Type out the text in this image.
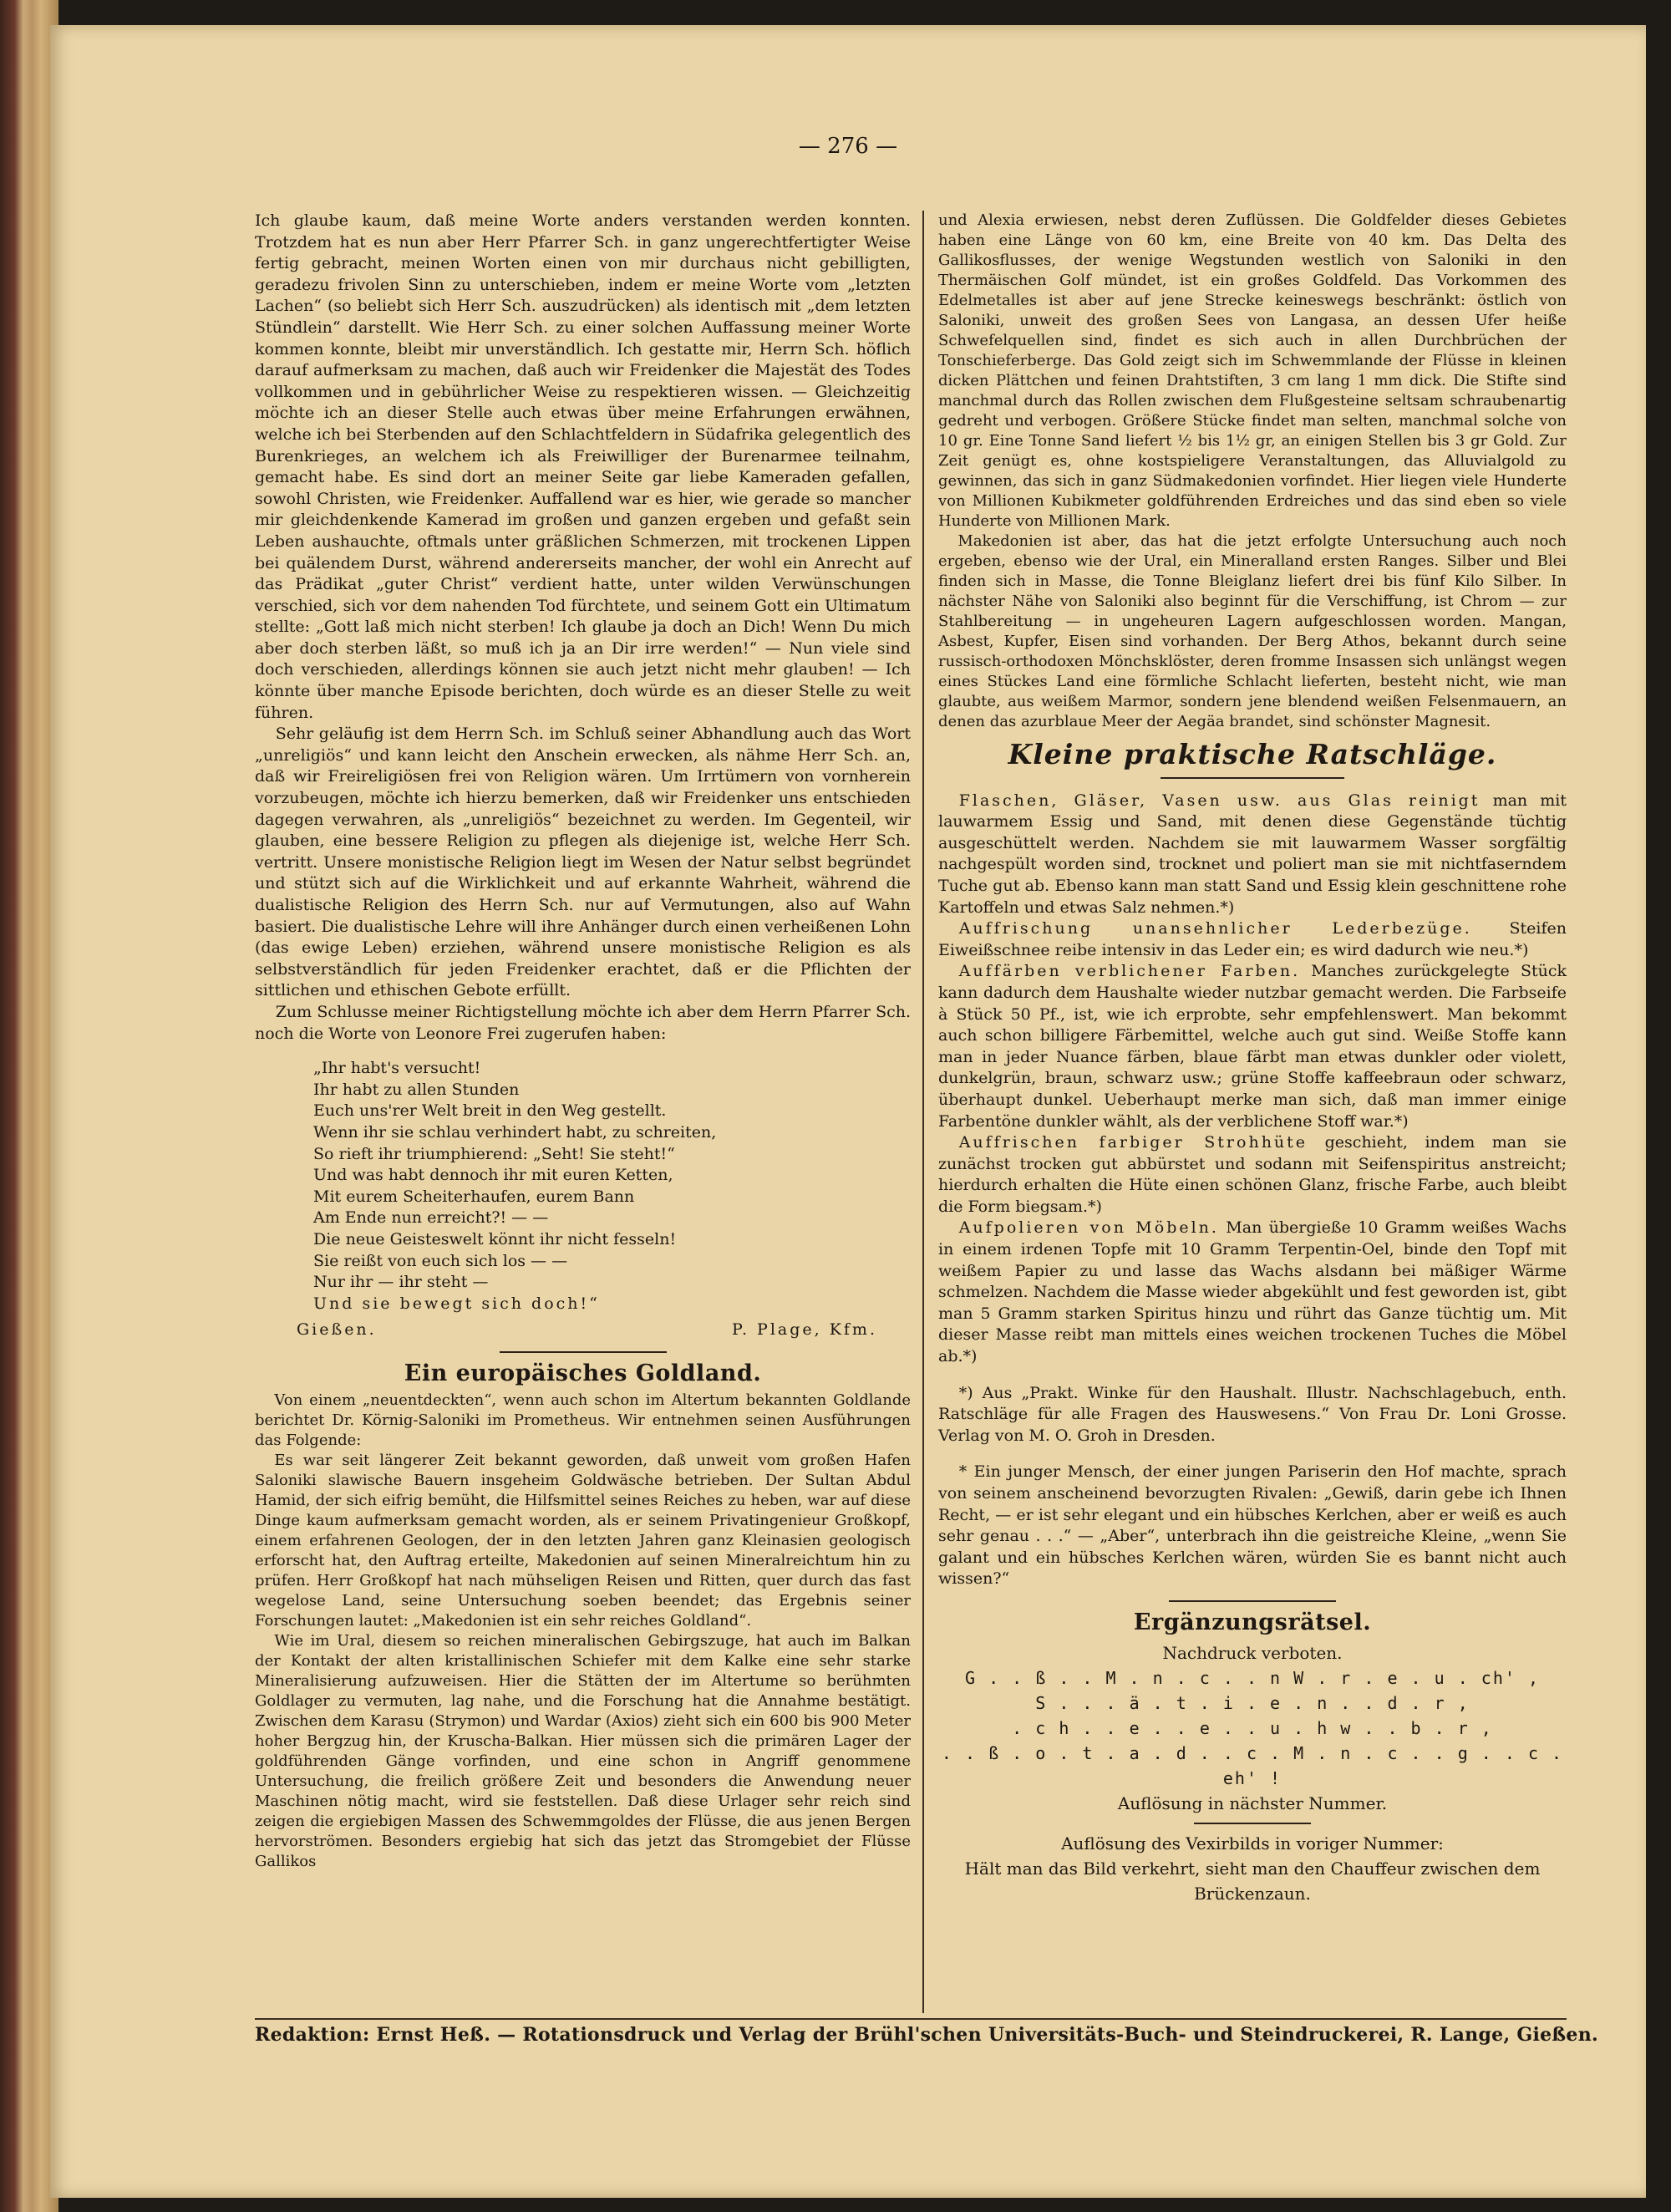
— 276 —

Ich glaube kaum, daß meine Worte anders verstanden werden konnten. Trotzdem hat es nun aber Herr Pfarrer Sch. in ganz ungerechtfertigter Weise fertig gebracht, meinen Worten einen von mir durchaus nicht gebilligten, geradezu frivolen Sinn zu unterschieben, indem er meine Worte vom „letzten Lachen“ (so beliebt sich Herr Sch. auszudrücken) als identisch mit „dem letzten Stündlein“ darstellt. Wie Herr Sch. zu einer solchen Auffassung meiner Worte kommen konnte, bleibt mir unverständlich. Ich gestatte mir, Herrn Sch. höflich darauf aufmerksam zu machen, daß auch wir Freidenker die Majestät des Todes vollkommen und in gebührlicher Weise zu respektieren wissen. — Gleichzeitig möchte ich an dieser Stelle auch etwas über meine Erfahrungen erwähnen, welche ich bei Sterbenden auf den Schlachtfeldern in Südafrika gelegentlich des Burenkrieges, an welchem ich als Freiwilliger der Burenarmee teilnahm, gemacht habe. Es sind dort an meiner Seite gar liebe Kameraden gefallen, sowohl Christen, wie Freidenker. Auffallend war es hier, wie gerade so mancher mir gleichdenkende Kamerad im großen und ganzen ergeben und gefaßt sein Leben aushauchte, oftmals unter gräßlichen Schmerzen, mit trockenen Lippen bei quälendem Durst, während andererseits mancher, der wohl ein Anrecht auf das Prädikat „guter Christ“ verdient hatte, unter wilden Verwünschungen verschied, sich vor dem nahenden Tod fürchtete, und seinem Gott ein Ultimatum stellte: „Gott laß mich nicht sterben! Ich glaube ja doch an Dich! Wenn Du mich aber doch sterben läßt, so muß ich ja an Dir irre werden!“ — Nun viele sind doch verschieden, allerdings können sie auch jetzt nicht mehr glauben! — Ich könnte über manche Episode berichten, doch würde es an dieser Stelle zu weit führen.

Sehr geläufig ist dem Herrn Sch. im Schluß seiner Abhandlung auch das Wort „unreligiös“ und kann leicht den Anschein erwecken, als nähme Herr Sch. an, daß wir Freireligiösen frei von Religion wären. Um Irrtümern von vornherein vorzubeugen, möchte ich hierzu bemerken, daß wir Freidenker uns entschieden dagegen verwahren, als „unreligiös“ bezeichnet zu werden. Im Gegenteil, wir glauben, eine bessere Religion zu pflegen als diejenige ist, welche Herr Sch. vertritt. Unsere monistische Religion liegt im Wesen der Natur selbst begründet und stützt sich auf die Wirklichkeit und auf erkannte Wahrheit, während die dualistische Religion des Herrn Sch. nur auf Vermutungen, also auf Wahn basiert. Die dualistische Lehre will ihre Anhänger durch einen verheißenen Lohn (das ewige Leben) erziehen, während unsere monistische Religion es als selbstverständlich für jeden Freidenker erachtet, daß er die Pflichten der sittlichen und ethischen Gebote erfüllt.

Zum Schlusse meiner Richtigstellung möchte ich aber dem Herrn Pfarrer Sch. noch die Worte von Leonore Frei zugerufen haben:

„Ihr habt's versucht!
Ihr habt zu allen Stunden
Euch uns'rer Welt breit in den Weg gestellt.
Wenn ihr sie schlau verhindert habt, zu schreiten,
So rieft ihr triumphierend: „Seht! Sie steht!“
Und was habt dennoch ihr mit euren Ketten,
Mit eurem Scheiterhaufen, eurem Bann
Am Ende nun erreicht?! — —
Die neue Geisteswelt könnt ihr nicht fesseln!
Sie reißt von euch sich los — —
Nur ihr — ihr steht —
Und sie bewegt sich doch!“
Gießen.	P. Plage, Kfm.
Ein europäisches Goldland.

Von einem „neuentdeckten“, wenn auch schon im Altertum bekannten Goldlande berichtet Dr. Körnig-Saloniki im Prometheus. Wir entnehmen seinen Ausführungen das Folgende:

Es war seit längerer Zeit bekannt geworden, daß unweit vom großen Hafen Saloniki slawische Bauern insgeheim Goldwäsche betrieben. Der Sultan Abdul Hamid, der sich eifrig bemüht, die Hilfsmittel seines Reiches zu heben, war auf diese Dinge kaum aufmerksam gemacht worden, als er seinem Privatingenieur Großkopf, einem erfahrenen Geologen, der in den letzten Jahren ganz Kleinasien geologisch erforscht hat, den Auftrag erteilte, Makedonien auf seinen Mineralreichtum hin zu prüfen. Herr Großkopf hat nach mühseligen Reisen und Ritten, quer durch das fast wegelose Land, seine Untersuchung soeben beendet; das Ergebnis seiner Forschungen lautet: „Makedonien ist ein sehr reiches Goldland“.

Wie im Ural, diesem so reichen mineralischen Gebirgszuge, hat auch im Balkan der Kontakt der alten kristallinischen Schiefer mit dem Kalke eine sehr starke Mineralisierung aufzuweisen. Hier die Stätten der im Altertume so berühmten Goldlager zu vermuten, lag nahe, und die Forschung hat die Annahme bestätigt. Zwischen dem Karasu (Strymon) und Wardar (Axios) zieht sich ein 600 bis 900 Meter hoher Bergzug hin, der Kruscha-Balkan. Hier müssen sich die primären Lager der goldführenden Gänge vorfinden, und eine schon in Angriff genommene Untersuchung, die freilich größere Zeit und besonders die Anwendung neuer Maschinen nötig macht, wird sie feststellen. Daß diese Urlager sehr reich sind zeigen die ergiebigen Massen des Schwemmgoldes der Flüsse, die aus jenen Bergen hervorströmen. Besonders ergiebig hat sich das jetzt das Stromgebiet der Flüsse Gallikos

und Alexia erwiesen, nebst deren Zuflüssen. Die Goldfelder dieses Gebietes haben eine Länge von 60 km, eine Breite von 40 km. Das Delta des Gallikosflusses, der wenige Wegstunden westlich von Saloniki in den Thermäischen Golf mündet, ist ein großes Goldfeld. Das Vorkommen des Edelmetalles ist aber auf jene Strecke keineswegs beschränkt: östlich von Saloniki, unweit des großen Sees von Langasa, an dessen Ufer heiße Schwefelquellen sind, findet es sich auch in allen Durchbrüchen der Tonschieferberge. Das Gold zeigt sich im Schwemmlande der Flüsse in kleinen dicken Plättchen und feinen Drahtstiften, 3 cm lang 1 mm dick. Die Stifte sind manchmal durch das Rollen zwischen dem Flußgesteine seltsam schraubenartig gedreht und verbogen. Größere Stücke findet man selten, manchmal solche von 10 gr. Eine Tonne Sand liefert ½ bis 1½ gr, an einigen Stellen bis 3 gr Gold. Zur Zeit genügt es, ohne kostspieligere Veranstaltungen, das Alluvialgold zu gewinnen, das sich in ganz Südmakedonien vorfindet. Hier liegen viele Hunderte von Millionen Kubikmeter goldführenden Erdreiches und das sind eben so viele Hunderte von Millionen Mark.

Makedonien ist aber, das hat die jetzt erfolgte Untersuchung auch noch ergeben, ebenso wie der Ural, ein Mineralland ersten Ranges. Silber und Blei finden sich in Masse, die Tonne Bleiglanz liefert drei bis fünf Kilo Silber. In nächster Nähe von Saloniki also beginnt für die Verschiffung, ist Chrom — zur Stahlbereitung — in ungeheuren Lagern aufgeschlossen worden. Mangan, Asbest, Kupfer, Eisen sind vorhanden. Der Berg Athos, bekannt durch seine russisch-orthodoxen Mönchsklöster, deren fromme Insassen sich unlängst wegen eines Stückes Land eine förmliche Schlacht lieferten, besteht nicht, wie man glaubte, aus weißem Marmor, sondern jene blendend weißen Felsenmauern, an denen das azurblaue Meer der Aegäa brandet, sind schönster Magnesit.

Kleine praktische Ratschläge.

Flaschen, Gläser, Vasen usw. aus Glas reinigt man mit lauwarmem Essig und Sand, mit denen diese Gegenstände tüchtig ausgeschüttelt werden. Nachdem sie mit lauwarmem Wasser sorgfältig nachgespült worden sind, trocknet und poliert man sie mit nichtfaserndem Tuche gut ab. Ebenso kann man statt Sand und Essig klein geschnittene rohe Kartoffeln und etwas Salz nehmen.*)

Auffrischung unansehnlicher Lederbezüge. Steifen Eiweißschnee reibe intensiv in das Leder ein; es wird dadurch wie neu.*)

Auffärben verblichener Farben. Manches zurückgelegte Stück kann dadurch dem Haushalte wieder nutzbar gemacht werden. Die Farbseife à Stück 50 Pf., ist, wie ich erprobte, sehr empfehlenswert. Man bekommt auch schon billigere Färbemittel, welche auch gut sind. Weiße Stoffe kann man in jeder Nuance färben, blaue färbt man etwas dunkler oder violett, dunkelgrün, braun, schwarz usw.; grüne Stoffe kaffeebraun oder schwarz, überhaupt dunkel. Ueberhaupt merke man sich, daß man immer einige Farbentöne dunkler wählt, als der verblichene Stoff war.*)

Auffrischen farbiger Strohhüte geschieht, indem man sie zunächst trocken gut abbürstet und sodann mit Seifenspiritus anstreicht; hierdurch erhalten die Hüte einen schönen Glanz, frische Farbe, auch bleibt die Form biegsam.*)

Aufpolieren von Möbeln. Man übergieße 10 Gramm weißes Wachs in einem irdenen Topfe mit 10 Gramm Terpentin-Oel, binde den Topf mit weißem Papier zu und lasse das Wachs alsdann bei mäßiger Wärme schmelzen. Nachdem die Masse wieder abgekühlt und fest geworden ist, gibt man 5 Gramm starken Spiritus hinzu und rührt das Ganze tüchtig um. Mit dieser Masse reibt man mittels eines weichen trockenen Tuches die Möbel ab.*)

*) Aus „Prakt. Winke für den Haushalt. Illustr. Nachschlagebuch, enth. Ratschläge für alle Fragen des Hauswesens.“ Von Frau Dr. Loni Grosse. Verlag von M. O. Groh in Dresden.

* Ein junger Mensch, der einer jungen Pariserin den Hof machte, sprach von seinem anscheinend bevorzugten Rivalen: „Gewiß, darin gebe ich Ihnen Recht, — er ist sehr elegant und ein hübsches Kerlchen, aber er weiß es auch sehr genau . . .“ — „Aber“, unterbrach ihn die geistreiche Kleine, „wenn Sie galant und ein hübsches Kerlchen wären, würden Sie es bannt nicht auch wissen?“

Ergänzungsrätsel.
Nachdruck verboten.
G . . ß . . M . n . c . . n W . r . e . u . ch' ,
S . . . ä . t . i . e . n . . d . r ,
. c h . . e . . e . . u . h w . . b . r ,
. . ß . o . t . a . d . . c . M . n . c . . g . . c . eh' !
Auflösung in nächster Nummer.
Auflösung des Vexirbilds in voriger Nummer:
Hält man das Bild verkehrt, sieht man den Chauffeur zwischen dem Brückenzaun.
Redaktion: Ernst Heß. — Rotationsdruck und Verlag der Brühl'schen Universitäts-Buch- und Steindruckerei, R. Lange, Gießen.
